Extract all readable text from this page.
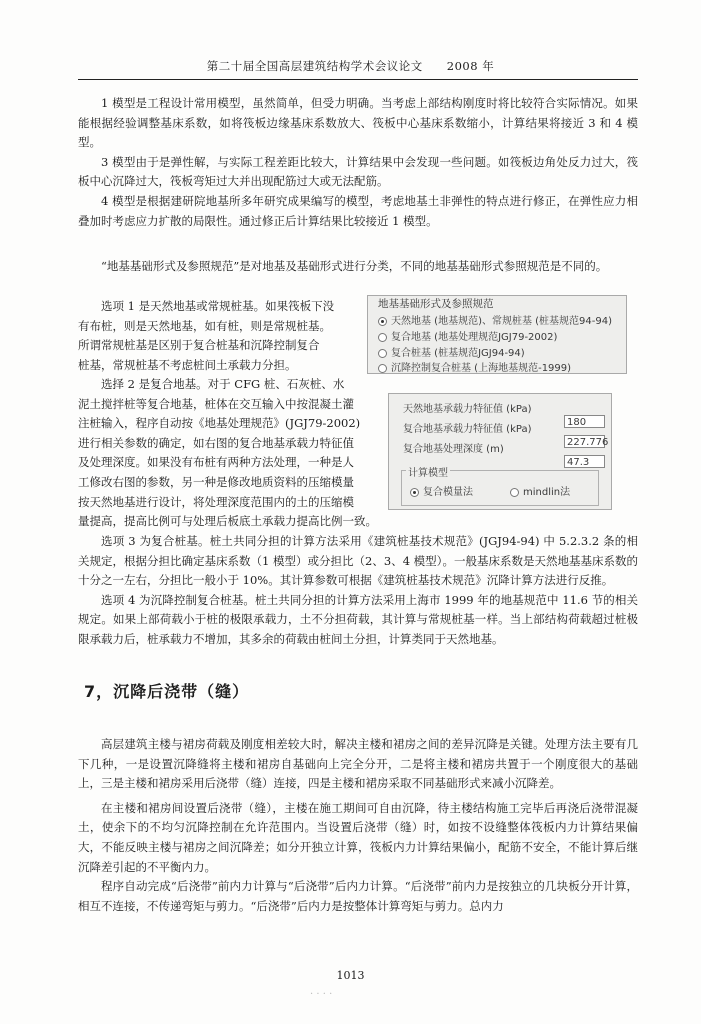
第二十届全国高层建筑结构学术会议论文 2008 年

1 模型是工程设计常用模型，虽然简单，但受力明确。当考虑上部结构刚度时将比较符合实际情况。如果能根据经验调整基床系数，如将筏板边缘基床系数放大、筏板中心基床系数缩小，计算结果将接近 3 和 4 模型。

3 模型由于是弹性解，与实际工程差距比较大，计算结果中会发现一些问题。如筏板边角处反力过大，筏板中心沉降过大，筏板弯矩过大并出现配筋过大或无法配筋。

4 模型是根据建研院地基所多年研究成果编写的模型，考虑地基土非弹性的特点进行修正，在弹性应力相叠加时考虑应力扩散的局限性。通过修正后计算结果比较接近 1 模型。

“地基基础形式及参照规范”是对地基及基础形式进行分类，不同的地基基础形式参照规范是不同的。

选项 1 是天然地基或常规桩基。如果筏板下没

有布桩，则是天然地基，如有桩，则是常规桩基。

所谓常规桩基是区别于复合桩基和沉降控制复合

桩基，常规桩基不考虑桩间土承载力分担。

地基基础形式及参照规范
天然地基 (地基规范)、常规桩基 (桩基规范94-94)
复合地基 (地基处理规范JGJ79-2002)
复合桩基 (桩基规范JGJ94-94)
沉降控制复合桩基 (上海地基规范-1999)

选择 2 是复合地基。对于 CFG 桩、石灰桩、水

泥土搅拌桩等复合地基，桩体在交互输入中按混凝土灌

注桩输入，程序自动按《地基处理规范》(JGJ79-2002)

进行相关参数的确定，如右图的复合地基承载力特征值

及处理深度。如果没有布桩有两种方法处理，一种是人

工修改右图的参数，另一种是修改地质资料的压缩模量

按天然地基进行设计，将处理深度范围内的土的压缩模

量提高，提高比例可与处理后板底土承载力提高比例一致。

天然地基承载力特征值 (kPa)
180
复合地基承载力特征值 (kPa)
227.776
复合地基处理深度 (m)
47.3
计算模型
复合模量法	mindlin法

选项 3 为复合桩基。桩土共同分担的计算方法采用《建筑桩基技术规范》(JGJ94-94) 中 5.2.3.2 条的相关规定，根据分担比确定基床系数（1 模型）或分担比（2、3、4 模型）。一般基床系数是天然地基基床系数的十分之一左右，分担比一般小于 10%。其计算参数可根据《建筑桩基技术规范》沉降计算方法进行反推。

选项 4 为沉降控制复合桩基。桩土共同分担的计算方法采用上海市 1999 年的地基规范中 11.6 节的相关规定。如果上部荷载小于桩的极限承载力，土不分担荷载，其计算与常规桩基一样。当上部结构荷载超过桩极限承载力后，桩承载力不增加，其多余的荷载由桩间土分担，计算类同于天然地基。

7，沉降后浇带（缝）

高层建筑主楼与裙房荷载及刚度相差较大时，解决主楼和裙房之间的差异沉降是关键。处理方法主要有几下几种，一是设置沉降缝将主楼和裙房自基础向上完全分开，二是将主楼和裙房共置于一个刚度很大的基础上，三是主楼和裙房采用后浇带（缝）连接，四是主楼和裙房采取不同基础形式来减小沉降差。

在主楼和裙房间设置后浇带（缝），主楼在施工期间可自由沉降，待主楼结构施工完毕后再浇后浇带混凝土，使余下的不均匀沉降控制在允许范围内。当设置后浇带（缝）时，如按不设缝整体筏板内力计算结果偏大，不能反映主楼与裙房之间沉降差；如分开独立计算，筏板内力计算结果偏小，配筋不安全，不能计算后继沉降差引起的不平衡内力。

程序自动完成“后浇带”前内力计算与“后浇带”后内力计算。“后浇带”前内力是按独立的几块板分开计算，相互不连接，不传递弯矩与剪力。“后浇带”后内力是按整体计算弯矩与剪力。总内力

1013
· · · ·
